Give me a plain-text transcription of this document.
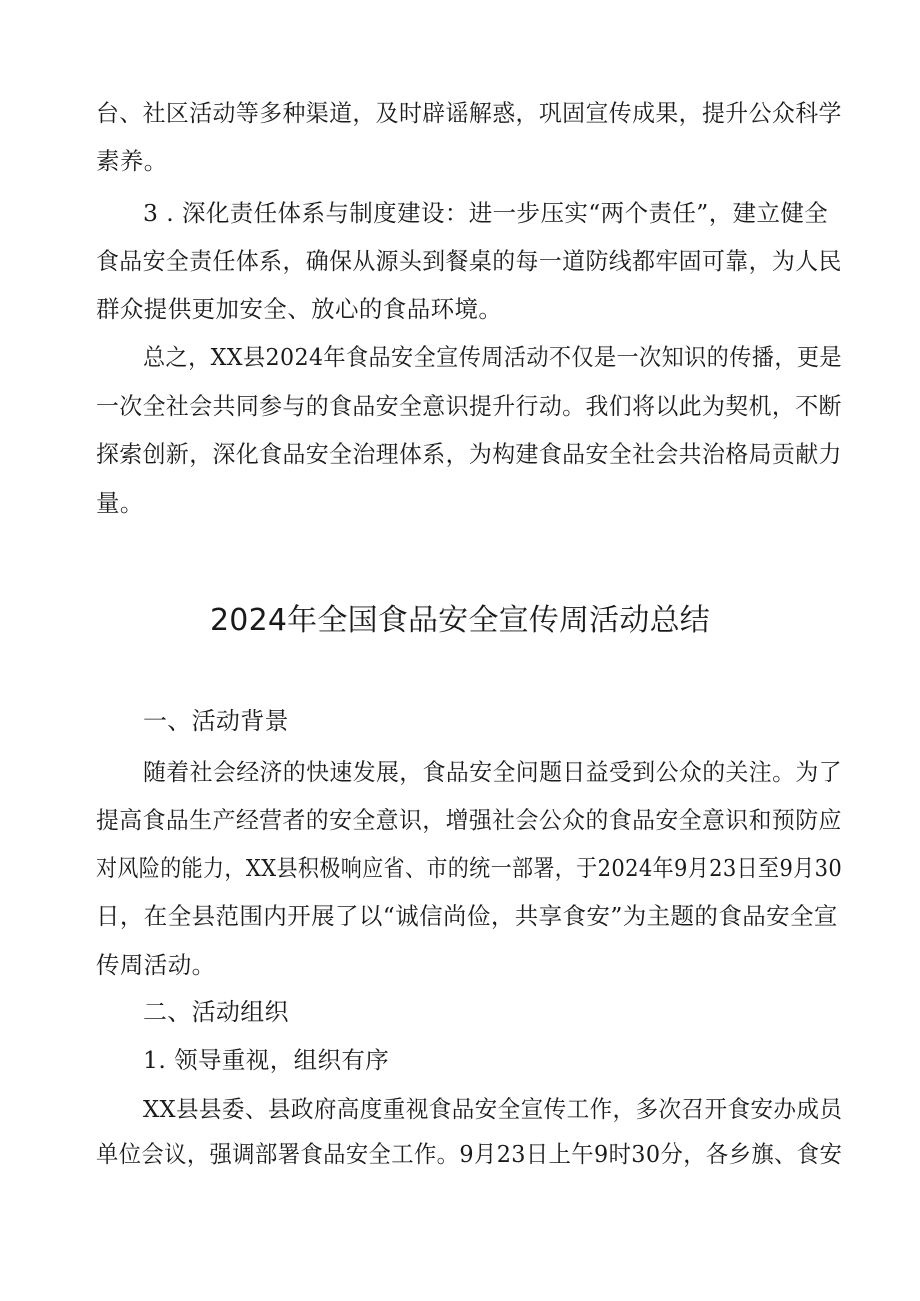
台、社区活动等多种渠道，及时辟谣解惑，巩固宣传成果，提升公众科学
素养。
3 . 深化责任体系与制度建设：进一步压实“两个责任”，建立健全
食品安全责任体系，确保从源头到餐桌的每一道防线都牢固可靠，为人民
群众提供更加安全、放心的食品环境。
总之，XX县2024年食品安全宣传周活动不仅是一次知识的传播，更是
一次全社会共同参与的食品安全意识提升行动。我们将以此为契机，不断
探索创新，深化食品安全治理体系，为构建食品安全社会共治格局贡献力
量。
2024年全国食品安全宣传周活动总结
一、活动背景
随着社会经济的快速发展，食品安全问题日益受到公众的关注。为了
提高食品生产经营者的安全意识，增强社会公众的食品安全意识和预防应
对风险的能力，XX县积极响应省、市的统一部署，于2024年9月23日至9月30
日，在全县范围内开展了以“诚信尚俭，共享食安”为主题的食品安全宣
传周活动。
二、活动组织
1. 领导重视，组织有序
XX县县委、县政府高度重视食品安全宣传工作，多次召开食安办成员
单位会议，强调部署食品安全工作。9月23日上午9时30分，各乡旗、食安
